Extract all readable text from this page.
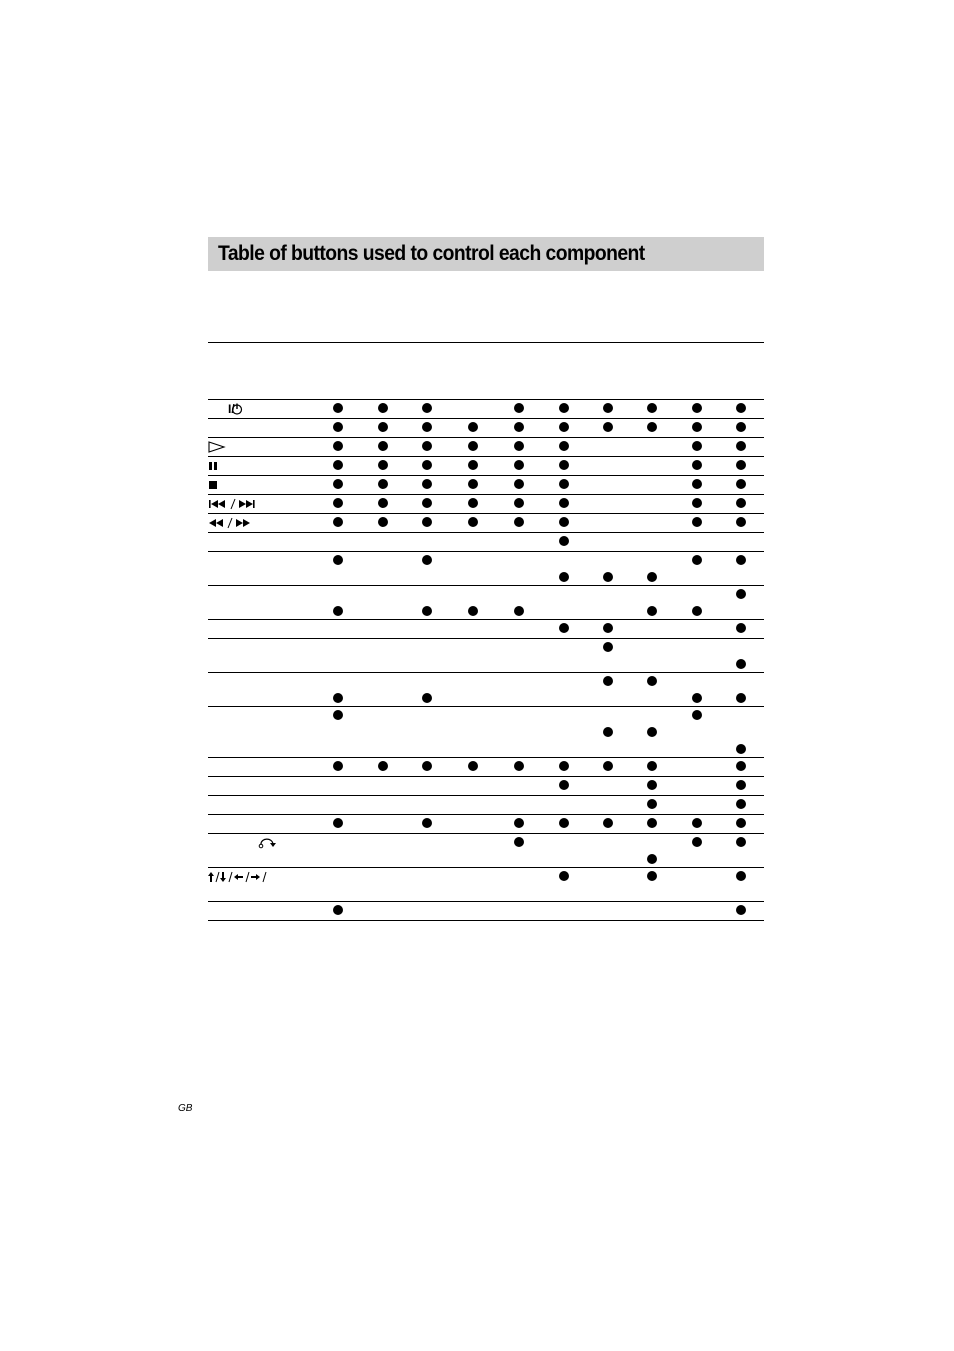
Table of buttons used to control each component
I/
GB
